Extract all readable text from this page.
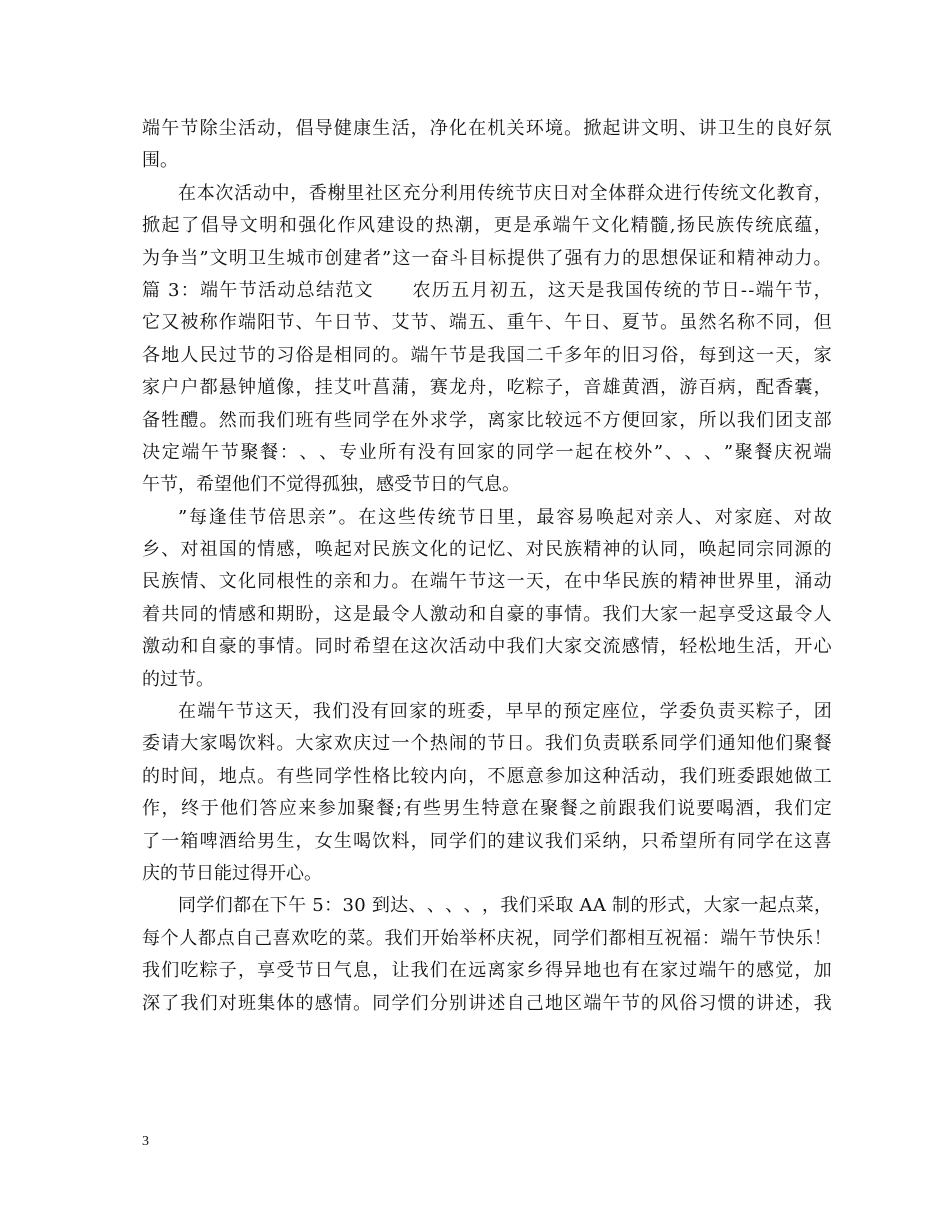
端 午 节 除 尘 活 动 ， 倡 导 健 康 生 活 ， 净 化 在 机 关 环 境 。 掀 起 讲 文 明 、 讲 卫 生 的 良 好 氛
围。
在 本 次 活 动 中 ， 香 榭 里 社 区 充 分 利 用 传 统 节 庆 日 对 全 体 群 众 进 行 传 统 文 化 教 育 ，
掀 起 了 倡 导 文 明 和 强 化 作 风 建 设 的 热 潮 ， 更 是 承 端 午 文 化 精 髓 , 扬 民 族 传 统 底 蕴 ，
为 争 当 ” 文 明 卫 生 城 市 创 建 者 ” 这 一 奋 斗 目 标 提 供 了 强 有 力 的 思 想 保 证 和 精 神 动 力 。
篇 3 ： 端 午 节 活 动 总 结 范 文

　 农 历 五 月 初 五 ， 这 天 是 我 国 传 统 的 节 日 - - 端 午 节 ，
它 又 被 称 作 端 阳 节 、 午 日 节 、 艾 节 、 端 五 、 重 午 、 午 日 、 夏 节 。 虽 然 名 称 不 同 ， 但
各 地 人 民 过 节 的 习 俗 是 相 同 的 。 端 午 节 是 我 国 二 千 多 年 的 旧 习 俗 ， 每 到 这 一 天 ， 家
家 户 户 都 悬 钟 馗 像 ， 挂 艾 叶 菖 蒲 ， 赛 龙 舟 ， 吃 粽 子 ， 音 雄 黄 酒 ， 游 百 病 ， 配 香 囊 ，
备 牲 醴 。 然 而 我 们 班 有 些 同 学 在 外 求 学 ， 离 家 比 较 远 不 方 便 回 家 ， 所 以 我 们 团 支 部
决 定 端 午 节 聚 餐 ： 、 、 专 业 所 有 没 有 回 家 的 同 学 一 起 在 校 外 ” 、 、 、 ” 聚 餐 庆 祝 端
午节，希望他们不觉得孤独，感受节日的气息。
” 每 逢 佳 节 倍 思 亲 ” 。 在 这 些 传 统 节 日 里 ， 最 容 易 唤 起 对 亲 人 、 对 家 庭 、 对 故
乡 、 对 祖 国 的 情 感 ， 唤 起 对 民 族 文 化 的 记 忆 、 对 民 族 精 神 的 认 同 ， 唤 起 同 宗 同 源 的
民 族 情 、 文 化 同 根 性 的 亲 和 力 。 在 端 午 节 这 一 天 ， 在 中 华 民 族 的 精 神 世 界 里 ， 涌 动
着 共 同 的 情 感 和 期 盼 ， 这 是 最 令 人 激 动 和 自 豪 的 事 情 。 我 们 大 家 一 起 享 受 这 最 令 人
激 动 和 自 豪 的 事 情 。 同 时 希 望 在 这 次 活 动 中 我 们 大 家 交 流 感 情 ， 轻 松 地 生 活 ， 开 心
的过节。
在 端 午 节 这 天 ， 我 们 没 有 回 家 的 班 委 ， 早 早 的 预 定 座 位 ， 学 委 负 责 买 粽 子 ， 团
委 请 大 家 喝 饮 料 。 大 家 欢 庆 过 一 个 热 闹 的 节 日 。 我 们 负 责 联 系 同 学 们 通 知 他 们 聚 餐
的 时 间 ， 地 点 。 有 些 同 学 性 格 比 较 内 向 ， 不 愿 意 参 加 这 种 活 动 ， 我 们 班 委 跟 她 做 工
作 ， 终 于 他 们 答 应 来 参 加 聚 餐 ; 有 些 男 生 特 意 在 聚 餐 之 前 跟 我 们 说 要 喝 酒 ， 我 们 定
了 一 箱 啤 酒 给 男 生 ， 女 生 喝 饮 料 ， 同 学 们 的 建 议 我 们 采 纳 ， 只 希 望 所 有 同 学 在 这 喜
庆的节日能过得开心。
同 学 们 都 在 下 午 5 ： 3 0 到 达 、 、 、 、 ， 我 们 采 取 A A 制 的 形 式 ， 大 家 一 起 点 菜 ，
每 个 人 都 点 自 己 喜 欢 吃 的 菜 。 我 们 开 始 举 杯 庆 祝 ， 同 学 们 都 相 互 祝 福 ： 端 午 节 快 乐 ！
我 们 吃 粽 子 ， 享 受 节 日 气 息 ， 让 我 们 在 远 离 家 乡 得 异 地 也 有 在 家 过 端 午 的 感 觉 ， 加
深 了 我 们 对 班 集 体 的 感 情 。 同 学 们 分 别 讲 述 自 己 地 区 端 午 节 的 风 俗 习 惯 的 讲 述 ， 我
3
